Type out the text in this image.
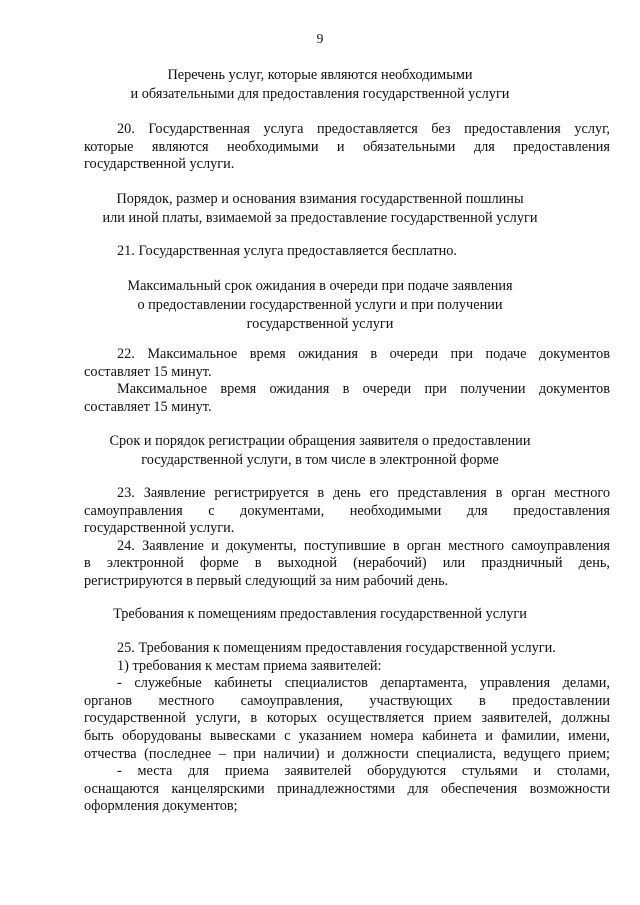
9
Перечень услуг, которые являются необходимыми
и обязательными для предоставления государственной услуги
20. Государственная услуга предоставляется без предоставления услуг,
которые являются необходимыми и обязательными для предоставления
государственной услуги.
Порядок, размер и основания взимания государственной пошлины
или иной платы, взимаемой за предоставление государственной услуги
21. Государственная услуга предоставляется бесплатно.
Максимальный срок ожидания в очереди при подаче заявления
о предоставлении государственной услуги и при получении
государственной услуги
22. Максимальное время ожидания в очереди при подаче документов
составляет 15 минут.
Максимальное время ожидания в очереди при получении документов
составляет 15 минут.
Срок и порядок регистрации обращения заявителя о предоставлении
государственной услуги, в том числе в электронной форме
23. Заявление регистрируется в день его представления в орган местного
самоуправления с документами, необходимыми для предоставления
государственной услуги.
24. Заявление и документы, поступившие в орган местного самоуправления
в электронной форме в выходной (нерабочий) или праздничный день,
регистрируются в первый следующий за ним рабочий день.
Требования к помещениям предоставления государственной услуги
25. Требования к помещениям предоставления государственной услуги.
1) требования к местам приема заявителей:
- служебные кабинеты специалистов департамента, управления делами,
органов местного самоуправления, участвующих в предоставлении
государственной услуги, в которых осуществляется прием заявителей, должны
быть оборудованы вывесками с указанием номера кабинета и фамилии, имени,
отчества (последнее – при наличии) и должности специалиста, ведущего прием;
- места для приема заявителей оборудуются стульями и столами,
оснащаются канцелярскими принадлежностями для обеспечения возможности
оформления документов;
